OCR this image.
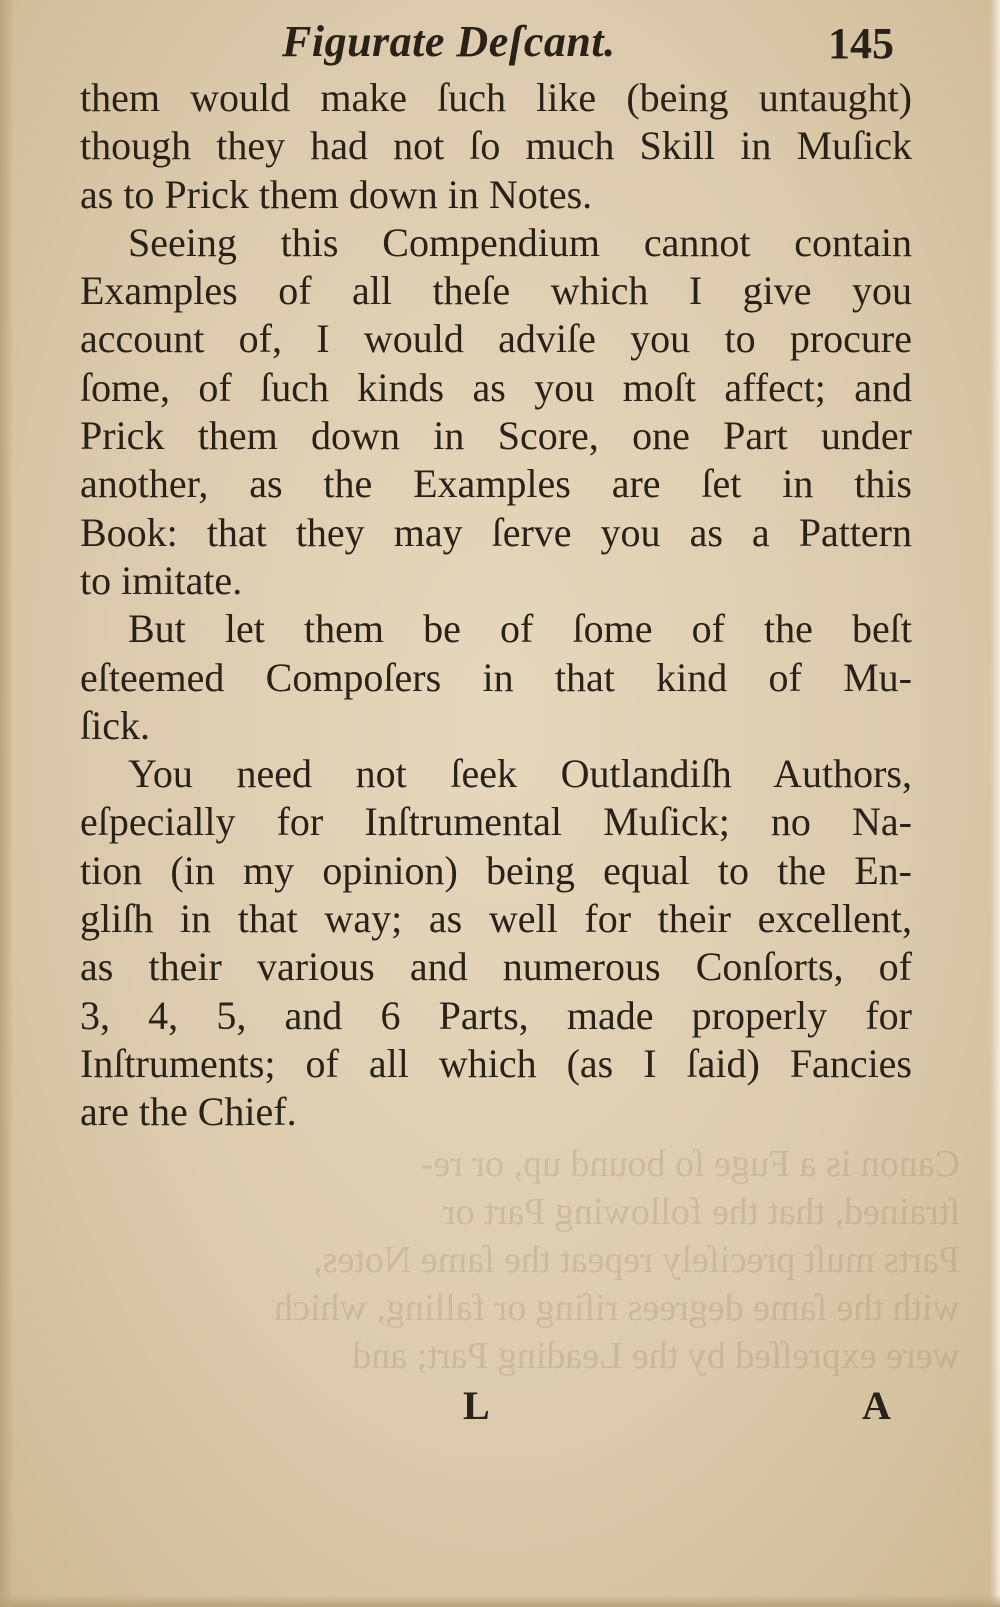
Figurate Deſcant.	145
Canon is a Fuge ſo bound up, or re-
ſtrained, that the following Part or
Parts muſt preciſely repeat the ſame Notes,
with the ſame degrees riſing or falling, which
were expreſſed by the Leading Part; and
them would make ſuch like (being untaught)
though they had not ſo much Skill in Muſick
as to Prick them down in Notes.
Seeing this Compendium cannot contain
Examples of all theſe which I give you
account of, I would adviſe you to procure
ſome, of ſuch kinds as you moſt affect; and
Prick them down in Score, one Part under
another, as the Examples are ſet in this
Book: that they may ſerve you as a Pattern
to imitate.
But let them be of ſome of the beſt
eſteemed Compoſers in that kind of Mu-
ſick.
You need not ſeek Outlandiſh Authors,
eſpecially for Inſtrumental Muſick; no Na-
tion (in my opinion) being equal to the En-
gliſh in that way; as well for their excellent,
as their various and numerous Conſorts, of
3, 4, 5, and 6 Parts, made properly for
Inſtruments; of all which (as I ſaid) Fancies
are the Chief.
L	A
